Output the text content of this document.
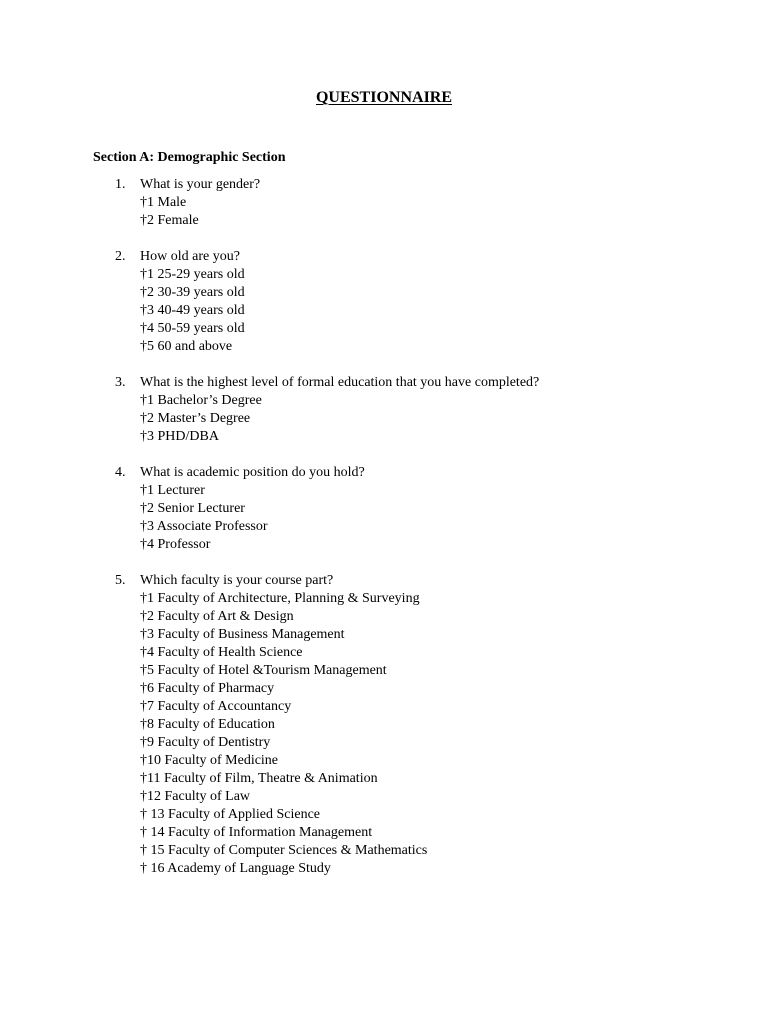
QUESTIONNAIRE
Section A: Demographic Section
1. What is your gender?
†1 Male
†2 Female
2. How old are you?
†1 25-29 years old
†2 30-39 years old
†3 40-49 years old
†4 50-59 years old
†5 60 and above
3. What is the highest level of formal education that you have completed?
†1 Bachelor’s Degree
†2 Master’s Degree
†3 PHD/DBA
4. What is academic position do you hold?
†1 Lecturer
†2 Senior Lecturer
†3 Associate Professor
†4 Professor
5. Which faculty is your course part?
†1 Faculty of Architecture, Planning & Surveying
†2 Faculty of Art & Design
†3 Faculty of Business Management
†4 Faculty of Health Science
†5 Faculty of Hotel &Tourism Management
†6 Faculty of Pharmacy
†7 Faculty of Accountancy
†8 Faculty of Education
†9 Faculty of Dentistry
†10 Faculty of Medicine
†11 Faculty of Film, Theatre & Animation
†12 Faculty of Law
† 13 Faculty of Applied Science
† 14 Faculty of Information Management
† 15 Faculty of Computer Sciences & Mathematics
† 16 Academy of Language Study
